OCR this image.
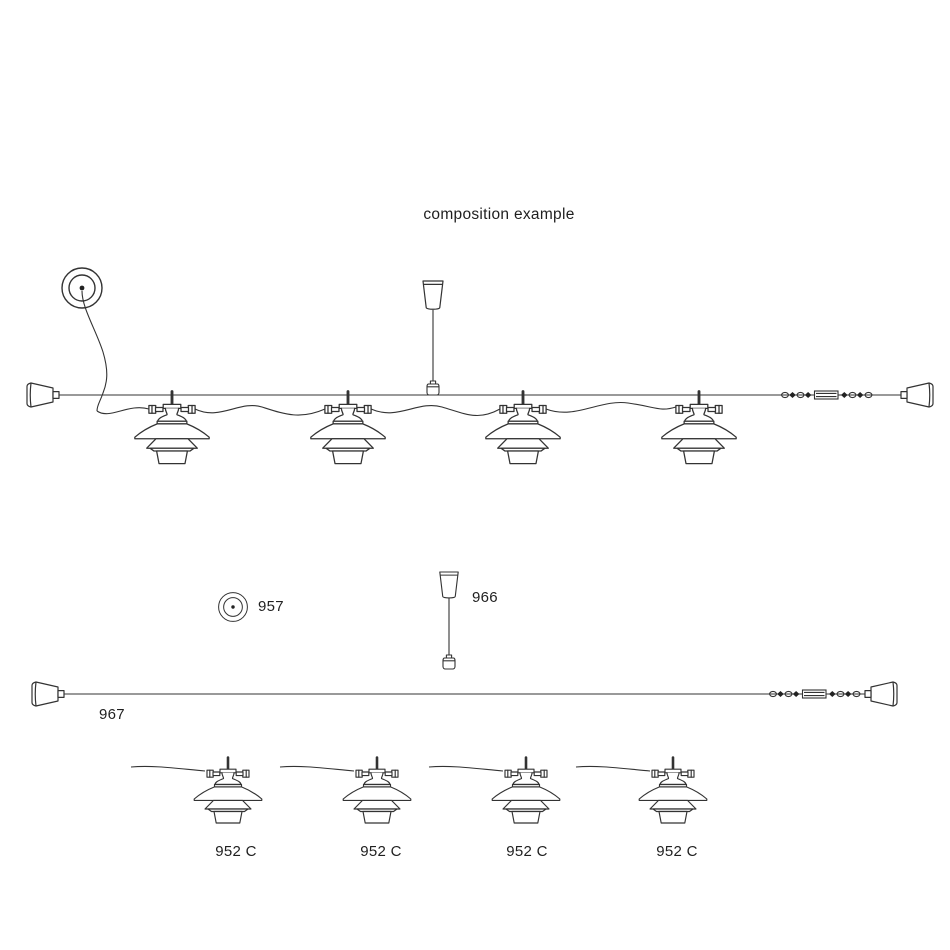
composition example
957
966
967
952 C	952 C	952 C	952 C
